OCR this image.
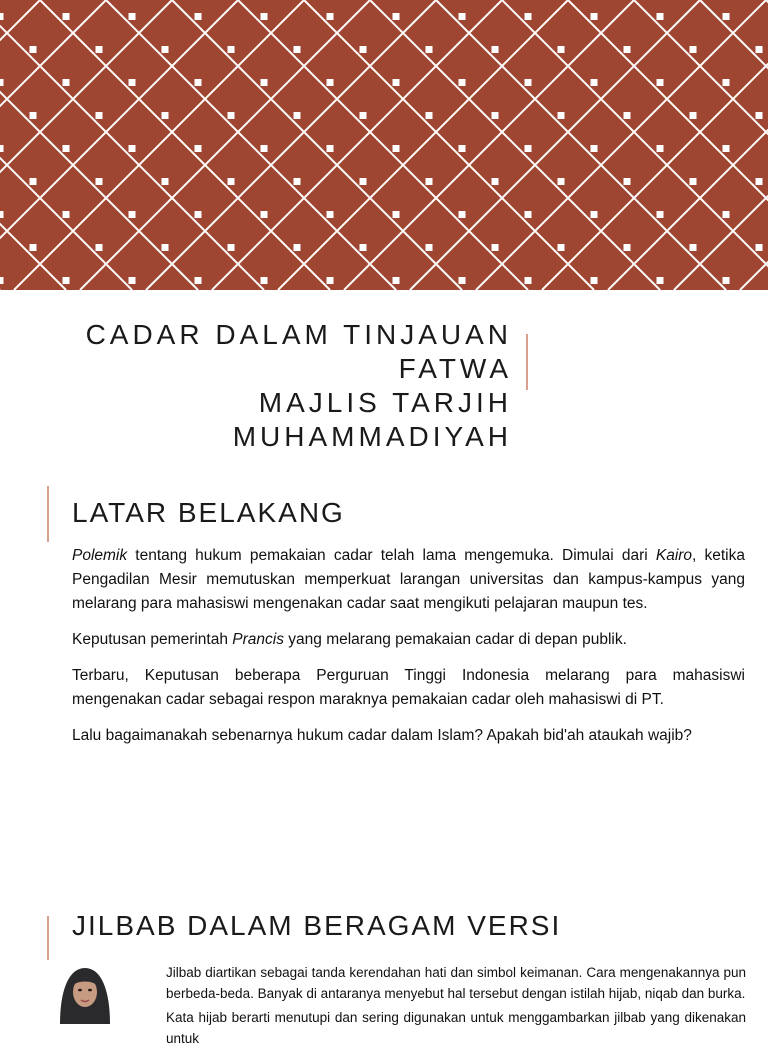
CADAR DALAM TINJAUAN FATWA
MAJLIS TARJIH MUHAMMADIYAH
LATAR BELAKANG
Polemik tentang hukum pemakaian cadar telah lama mengemuka. Dimulai dari Kairo, ketika Pengadilan Mesir memutuskan memperkuat larangan universitas dan kampus-kampus yang melarang para mahasiswi mengenakan cadar saat mengikuti pelajaran maupun tes.
Keputusan pemerintah Prancis yang melarang pemakaian cadar di depan publik.
Terbaru, Keputusan beberapa Perguruan Tinggi Indonesia melarang para mahasiswi mengenakan cadar sebagai respon maraknya pemakaian cadar oleh mahasiswi di PT.
Lalu bagaimanakah sebenarnya hukum cadar dalam Islam? Apakah bid'ah ataukah wajib?
JILBAB DALAM BERAGAM VERSI
Jilbab diartikan sebagai tanda kerendahan hati dan simbol keimanan. Cara mengenakannya pun berbeda-beda. Banyak di antaranya menyebut hal tersebut dengan istilah hijab, niqab dan burka.
Kata hijab berarti menutupi dan sering digunakan untuk menggambarkan jilbab yang dikenakan untuk
